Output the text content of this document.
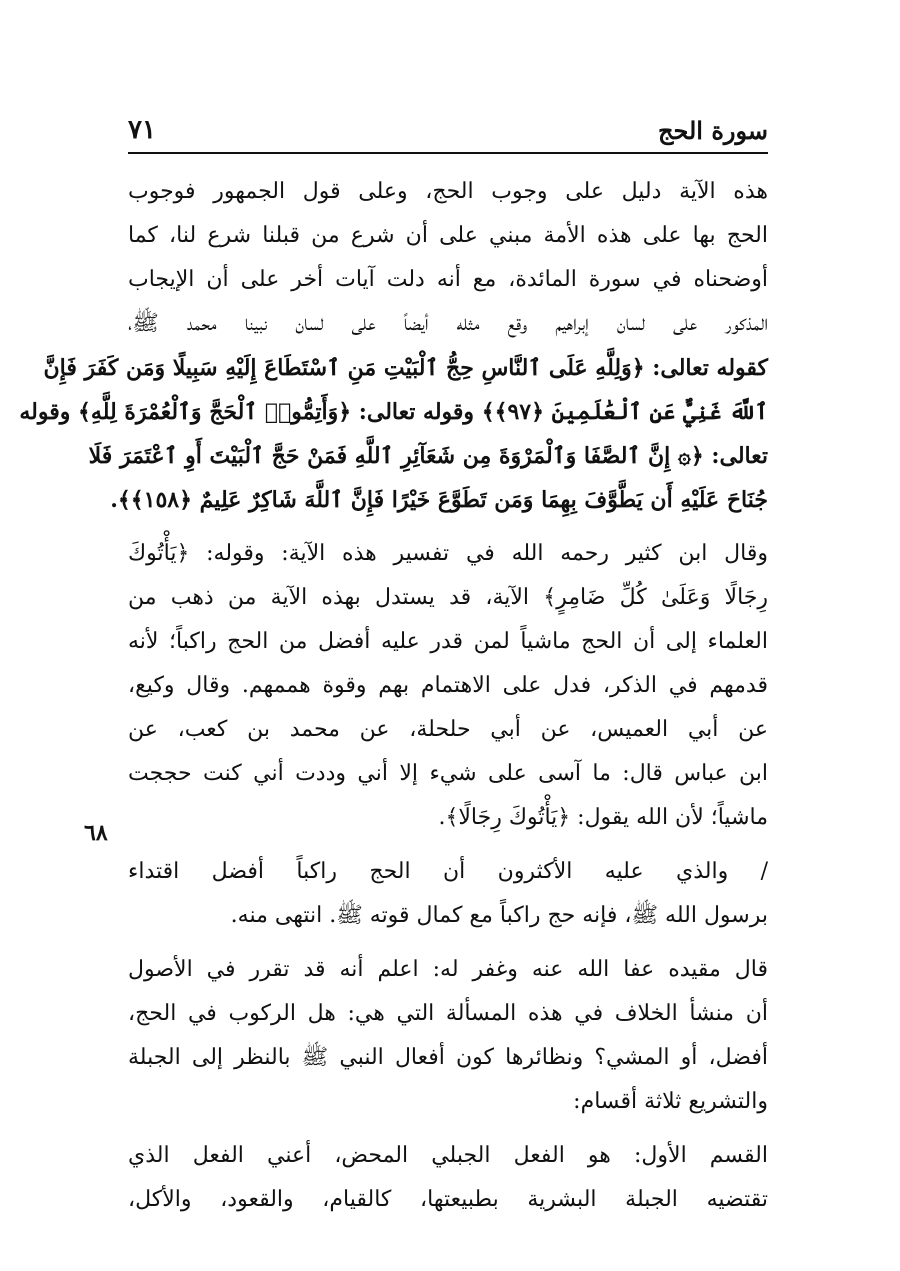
سورة الحج
٧١
٦٨
هذه الآية دليل على وجوب الحج، وعلى قول الجمهور فوجوب
الحج بها على هذه الأمة مبني على أن شرع من قبلنا شرع لنا، كما
أوضحناه في سورة المائدة، مع أنه دلت آيات أخر على أن الإيجاب
المذكور على لسان إبراهيم وقع مثله أيضاً على لسان نبينا محمد ﷺ،
كقوله تعالى: ﴿وَلِلَّهِ عَلَى ٱلنَّاسِ حِجُّ ٱلْبَيْتِ مَنِ ٱسْتَطَاعَ إِلَيْهِ سَبِيلًا وَمَن كَفَرَ فَإِنَّ
ٱللَّهَ غَنِيٌّ عَنِ ٱلْعَٰلَمِينَ ﴿٩٧﴾﴾ وقوله تعالى: ﴿وَأَتِمُّوا۟ ٱلْحَجَّ وَٱلْعُمْرَةَ لِلَّهِ﴾ وقوله
تعالى: ﴿۞ إِنَّ ٱلصَّفَا وَٱلْمَرْوَةَ مِن شَعَآئِرِ ٱللَّهِ فَمَنْ حَجَّ ٱلْبَيْتَ أَوِ ٱعْتَمَرَ فَلَا
جُنَاحَ عَلَيْهِ أَن يَطَّوَّفَ بِهِمَا وَمَن تَطَوَّعَ خَيْرًا فَإِنَّ ٱللَّهَ شَاكِرٌ عَلِيمٌ ﴿١٥٨﴾﴾.
وقال ابن كثير رحمه الله في تفسير هذه الآية: وقوله: ﴿يَأْتُوكَ
رِجَالًا وَعَلَىٰ كُلِّ ضَامِرٍ﴾ الآية، قد يستدل بهذه الآية من ذهب من
العلماء إلى أن الحج ماشياً لمن قدر عليه أفضل من الحج راكباً؛ لأنه
قدمهم في الذكر، فدل على الاهتمام بهم وقوة هممهم. وقال وكيع،
عن أبي العميس، عن أبي حلحلة، عن محمد بن كعب، عن
ابن عباس قال: ما آسى على شيء إلا أني وددت أني كنت حججت
ماشياً؛ لأن الله يقول: ﴿يَأْتُوكَ رِجَالًا﴾.
/ والذي عليه الأكثرون أن الحج راكباً أفضل اقتداء
برسول الله ﷺ، فإنه حج راكباً مع كمال قوته ﷺ. انتهى منه.
قال مقيده عفا الله عنه وغفر له: اعلم أنه قد تقرر في الأصول
أن منشأ الخلاف في هذه المسألة التي هي: هل الركوب في الحج،
أفضل، أو المشي؟ ونظائرها كون أفعال النبي ﷺ بالنظر إلى الجبلة
والتشريع ثلاثة أقسام:
القسم الأول: هو الفعل الجبلي المحض، أعني الفعل الذي
تقتضيه الجبلة البشرية بطبيعتها، كالقيام، والقعود، والأكل،
